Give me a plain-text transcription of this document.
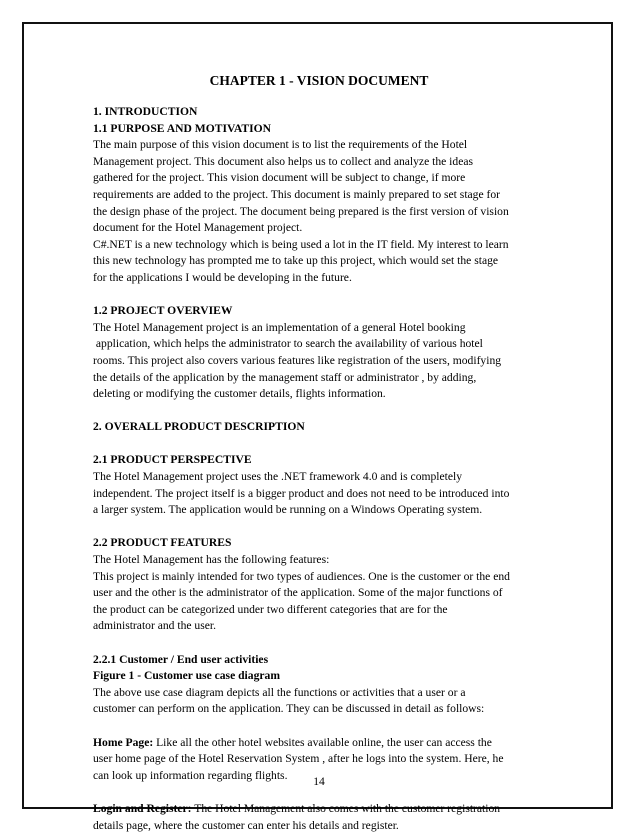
CHAPTER 1 - VISION DOCUMENT
1. INTRODUCTION
1.1 PURPOSE AND MOTIVATION
The main purpose of this vision document is to list the requirements of the Hotel
Management project. This document also helps us to collect and analyze the ideas
gathered for the project. This vision document will be subject to change, if more
requirements are added to the project. This document is mainly prepared to set stage for
the design phase of the project. The document being prepared is the first version of vision
document for the Hotel Management project.
C#.NET is a new technology which is being used a lot in the IT field. My interest to learn
this new technology has prompted me to take up this project, which would set the stage
for the applications I would be developing in the future.
1.2 PROJECT OVERVIEW
The Hotel Management project is an implementation of a general Hotel booking
application, which helps the administrator to search the availability of various hotel
rooms. This project also covers various features like registration of the users, modifying
the details of the application by the management staff or administrator , by adding,
deleting or modifying the customer details, flights information.
2. OVERALL PRODUCT DESCRIPTION
2.1 PRODUCT PERSPECTIVE
The Hotel Management project uses the .NET framework 4.0 and is completely
independent. The project itself is a bigger product and does not need to be introduced into
a larger system. The application would be running on a Windows Operating system.
2.2 PRODUCT FEATURES
The Hotel Management has the following features:
This project is mainly intended for two types of audiences. One is the customer or the end
user and the other is the administrator of the application. Some of the major functions of
the product can be categorized under two different categories that are for the
administrator and the user.
2.2.1 Customer / End user activities
Figure 1 - Customer use case diagram
The above use case diagram depicts all the functions or activities that a user or a
customer can perform on the application. They can be discussed in detail as follows:
Home Page: Like all the other hotel websites available online, the user can access the
user home page of the Hotel Reservation System , after he logs into the system. Here, he
can look up information regarding flights.
Login and Register: The Hotel Management also comes with the customer registration
details page, where the customer can enter his details and register.
14
